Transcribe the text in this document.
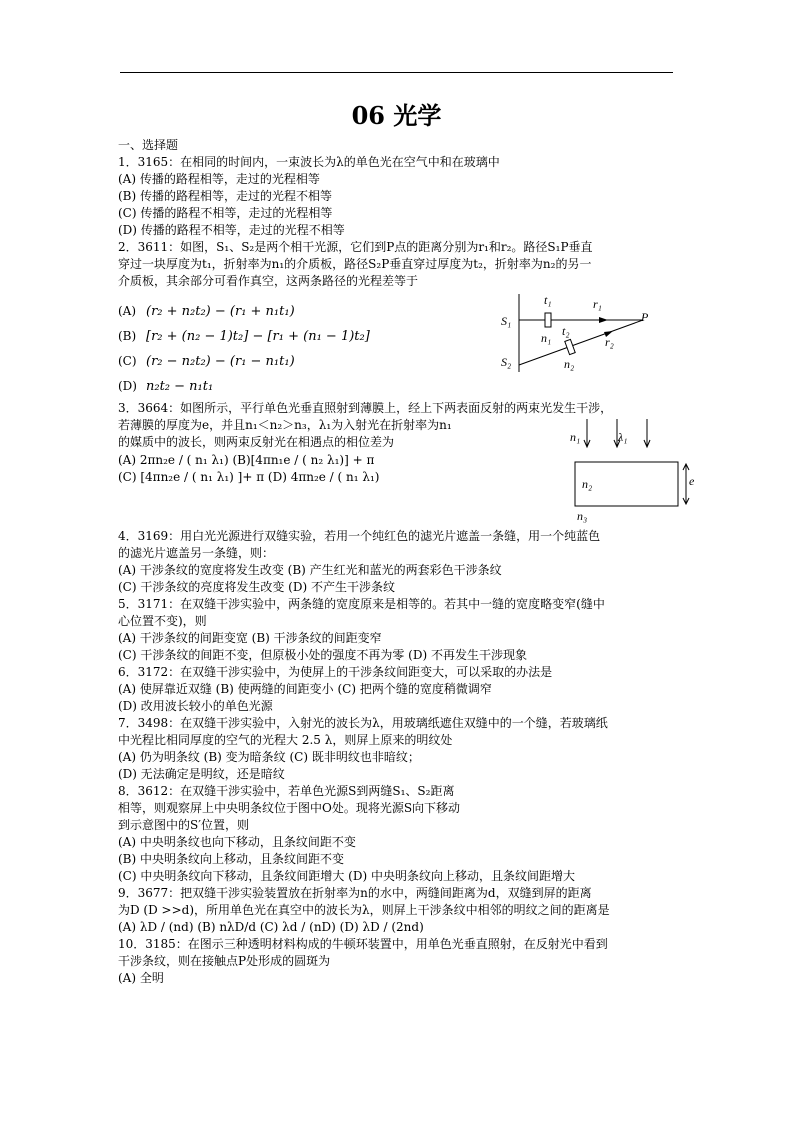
06 光学
一、选择题
1．3165：在相同的时间内，一束波长为λ的单色光在空气中和在玻璃中
(A) 传播的路程相等，走过的光程相等
(B) 传播的路程相等，走过的光程不相等
(C) 传播的路程不相等，走过的光程相等
(D) 传播的路程不相等，走过的光程不相等
2．3611：如图，S₁、S₂是两个相干光源，它们到P点的距离分别为r₁和r₂。路径S₁P垂直
穿过一块厚度为t₁，折射率为n₁的介质板，路径S₂P垂直穿过厚度为t₂，折射率为n₂的另一
介质板，其余部分可看作真空，这两条路径的光程差等于
3．3664：如图所示，平行单色光垂直照射到薄膜上，经上下两表面反射的两束光发生干涉，
若薄膜的厚度为e，并且n₁＜n₂＞n₃，λ₁为入射光在折射率为n₁
的媒质中的波长，则两束反射光在相遇点的相位差为
(A) 2πn₂e / ( n₁ λ₁) (B)[4πn₁e / ( n₂ λ₁)] + π
(C) [4πn₂e / ( n₁ λ₁) ]+ π (D) 4πn₂e / ( n₁ λ₁)
4．3169：用白光光源进行双缝实验，若用一个纯红色的滤光片遮盖一条缝，用一个纯蓝色
的滤光片遮盖另一条缝，则：
(A) 干涉条纹的宽度将发生改变 (B) 产生红光和蓝光的两套彩色干涉条纹
(C) 干涉条纹的亮度将发生改变 (D) 不产生干涉条纹
5．3171：在双缝干涉实验中，两条缝的宽度原来是相等的。若其中一缝的宽度略变窄(缝中
心位置不变)，则
(A) 干涉条纹的间距变宽 (B) 干涉条纹的间距变窄
(C) 干涉条纹的间距不变，但原极小处的强度不再为零 (D) 不再发生干涉现象
6．3172：在双缝干涉实验中，为使屏上的干涉条纹间距变大，可以采取的办法是
(A) 使屏靠近双缝 (B) 使两缝的间距变小 (C) 把两个缝的宽度稍微调窄
(D) 改用波长较小的单色光源
7．3498：在双缝干涉实验中，入射光的波长为λ，用玻璃纸遮住双缝中的一个缝，若玻璃纸
中光程比相同厚度的空气的光程大 2.5 λ，则屏上原来的明纹处
(A) 仍为明条纹 (B) 变为暗条纹 (C) 既非明纹也非暗纹；
(D) 无法确定是明纹，还是暗纹
8．3612：在双缝干涉实验中，若单色光源S到两缝S₁、S₂距离
相等，则观察屏上中央明条纹位于图中O处。现将光源S向下移动
到示意图中的S′位置，则
(A) 中央明条纹也向下移动，且条纹间距不变
(B) 中央明条纹向上移动，且条纹间距不变
(C) 中央明条纹向下移动，且条纹间距增大 (D) 中央明条纹向上移动，且条纹间距增大
9．3677：把双缝干涉实验装置放在折射率为n的水中，两缝间距离为d，双缝到屏的距离
为D (D >>d)，所用单色光在真空中的波长为λ，则屏上干涉条纹中相邻的明纹之间的距离是
(A) λD / (nd) (B) nλD/d (C) λd / (nD) (D) λD / (2nd)
10．3185：在图示三种透明材料构成的牛顿环装置中，用单色光垂直照射，在反射光中看到
干涉条纹，则在接触点P处形成的圆斑为
(A) 全明
(A) (r₂ + n₂t₂) − (r₁ + n₁t₁)
(B) [r₂ + (n₂ − 1)t₂] − [r₁ + (n₁ − 1)t₂]
(C) (r₂ − n₂t₂) − (r₁ − n₁t₁)
(D) n₂t₂ − n₁t₁
t₁	r₁
S₁	P
t₂
n₁	r₂
S₂	n₂
n₁	λ₁
n₂	e
n₃
